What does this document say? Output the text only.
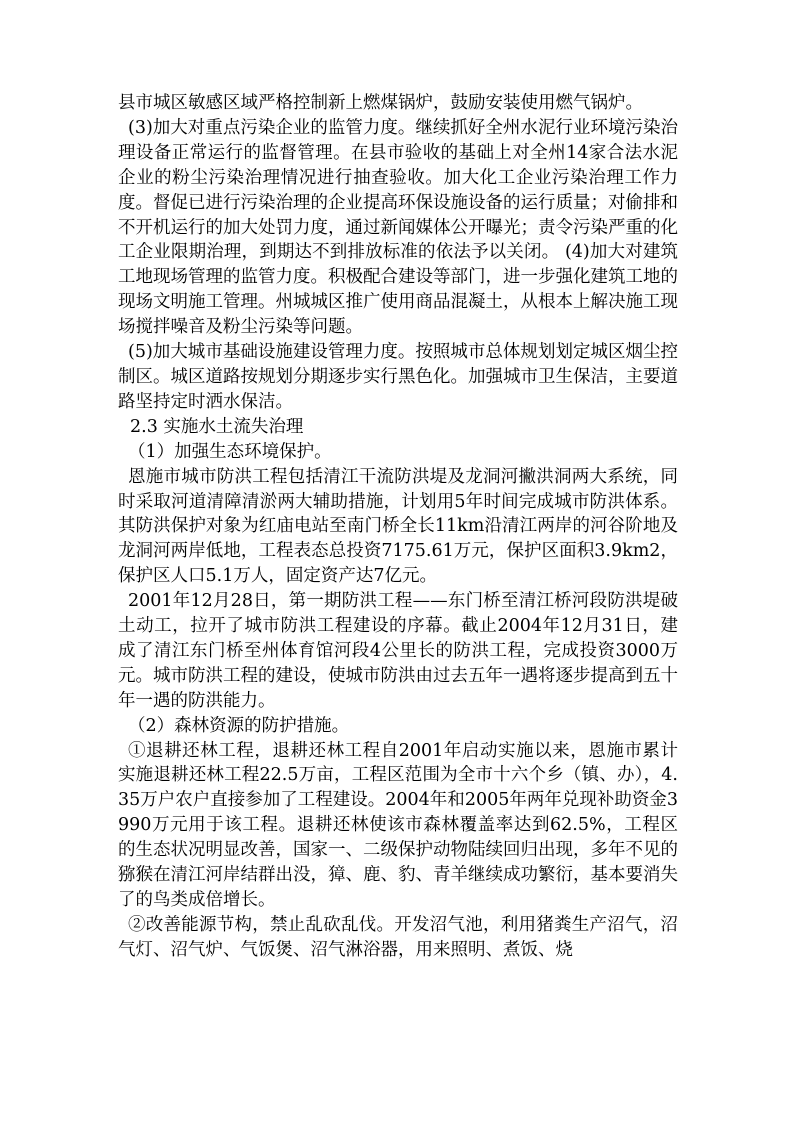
县市城区敏感区域严格控制新上燃煤锅炉，鼓励安装使用燃气锅炉。

(3)加大对重点污染企业的监管力度。继续抓好全州水泥行业环境污染治理设备正常运行的监督管理。在县市验收的基础上对全州14家合法水泥企业的粉尘污染治理情况进行抽查验收。加大化工企业污染治理工作力度。督促已进行污染治理的企业提高环保设施设备的运行质量；对偷排和不开机运行的加大处罚力度，通过新闻媒体公开曝光；责令污染严重的化工企业限期治理，到期达不到排放标准的依法予以关闭。 (4)加大对建筑工地现场管理的监管力度。积极配合建设等部门，进一步强化建筑工地的现场文明施工管理。州城城区推广使用商品混凝土，从根本上解决施工现场搅拌噪音及粉尘污染等问题。

(5)加大城市基础设施建设管理力度。按照城市总体规划划定城区烟尘控制区。城区道路按规划分期逐步实行黑色化。加强城市卫生保洁，主要道路坚持定时洒水保洁。

2.3 实施水土流失治理

（1）加强生态环境保护。

恩施市城市防洪工程包括清江干流防洪堤及龙洞河撇洪洞两大系统，同时采取河道清障清淤两大辅助措施，计划用5年时间完成城市防洪体系。其防洪保护对象为红庙电站至南门桥全长11km沿清江两岸的河谷阶地及龙洞河两岸低地，工程表态总投资7175.61万元，保护区面积3.9km2，保护区人口5.1万人，固定资产达7亿元。

2001年12月28日，第一期防洪工程——东门桥至清江桥河段防洪堤破土动工，拉开了城市防洪工程建设的序幕。截止2004年12月31日，建成了清江东门桥至州体育馆河段4公里长的防洪工程，完成投资3000万元。城市防洪工程的建设，使城市防洪由过去五年一遇将逐步提高到五十年一遇的防洪能力。

（2）森林资源的防护措施。

①退耕还林工程，退耕还林工程自2001年启动实施以来，恩施市累计实施退耕还林工程22.5万亩，工程区范围为全市十六个乡（镇、办），4.35万户农户直接参加了工程建设。2004年和2005年两年兑现补助资金3990万元用于该工程。退耕还林使该市森林覆盖率达到62.5%，工程区的生态状况明显改善，国家一、二级保护动物陆续回归出现，多年不见的猕猴在清江河岸结群出没，獐、鹿、豹、青羊继续成功繁衍，基本要消失了的鸟类成倍增长。

②改善能源节构，禁止乱砍乱伐。开发沼气池，利用猪粪生产沼气，沼气灯、沼气炉、气饭煲、沼气淋浴器，用来照明、煮饭、烧
